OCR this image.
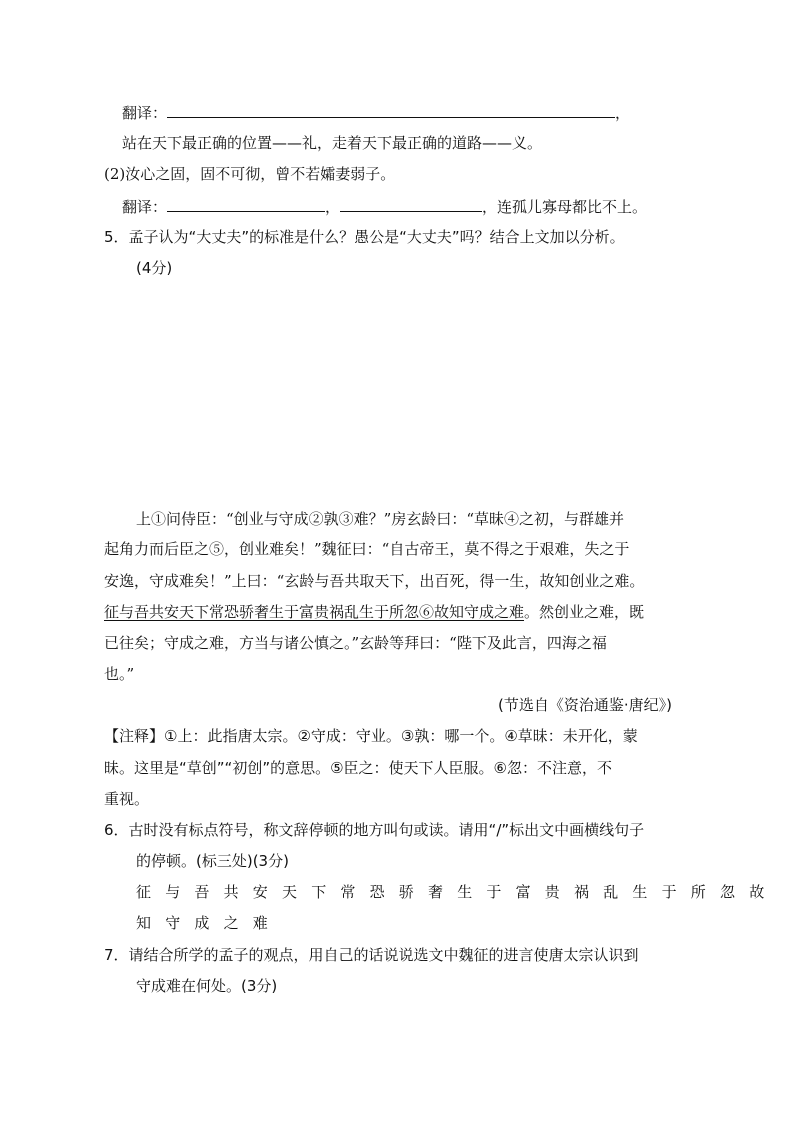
翻译：	，
站在天下最正确的位置——礼，走着天下最正确的道路——义。
(2)汝心之固，固不可彻，曾不若孀妻弱子。
翻译：	，	，连孤儿寡母都比不上。
5．孟子认为“大丈夫”的标准是什么？愚公是“大丈夫”吗？结合上文加以分析。
(4分)
上①问侍臣：“创业与守成②孰③难？”房玄龄曰：“草昧④之初，与群雄并
起角力而后臣之⑤，创业难矣！”魏征曰：“自古帝王，莫不得之于艰难，失之于
安逸，守成难矣！”上曰：“玄龄与吾共取天下，出百死，得一生，故知创业之难。
征与吾共安天下常恐骄奢生于富贵祸乱生于所忽⑥故知守成之难。然创业之难，既
已往矣；守成之难，方当与诸公慎之。”玄龄等拜曰：“陛下及此言，四海之福
也。”
(节选自《资治通鉴·唐纪》)
【注释】①上：此指唐太宗。②守成：守业。③孰：哪一个。④草昧：未开化，蒙
昧。这里是“草创”“初创”的意思。⑤臣之：使天下人臣服。⑥忽：不注意，不
重视。
6．古时没有标点符号，称文辞停顿的地方叫句或读。请用“/”标出文中画横线句子
的停顿。(标三处)(3分)
征与吾共安天下常恐骄奢生于富贵祸乱生于所忽故
知守成之难
7．请结合所学的孟子的观点，用自己的话说说选文中魏征的进言使唐太宗认识到
守成难在何处。(3分)
